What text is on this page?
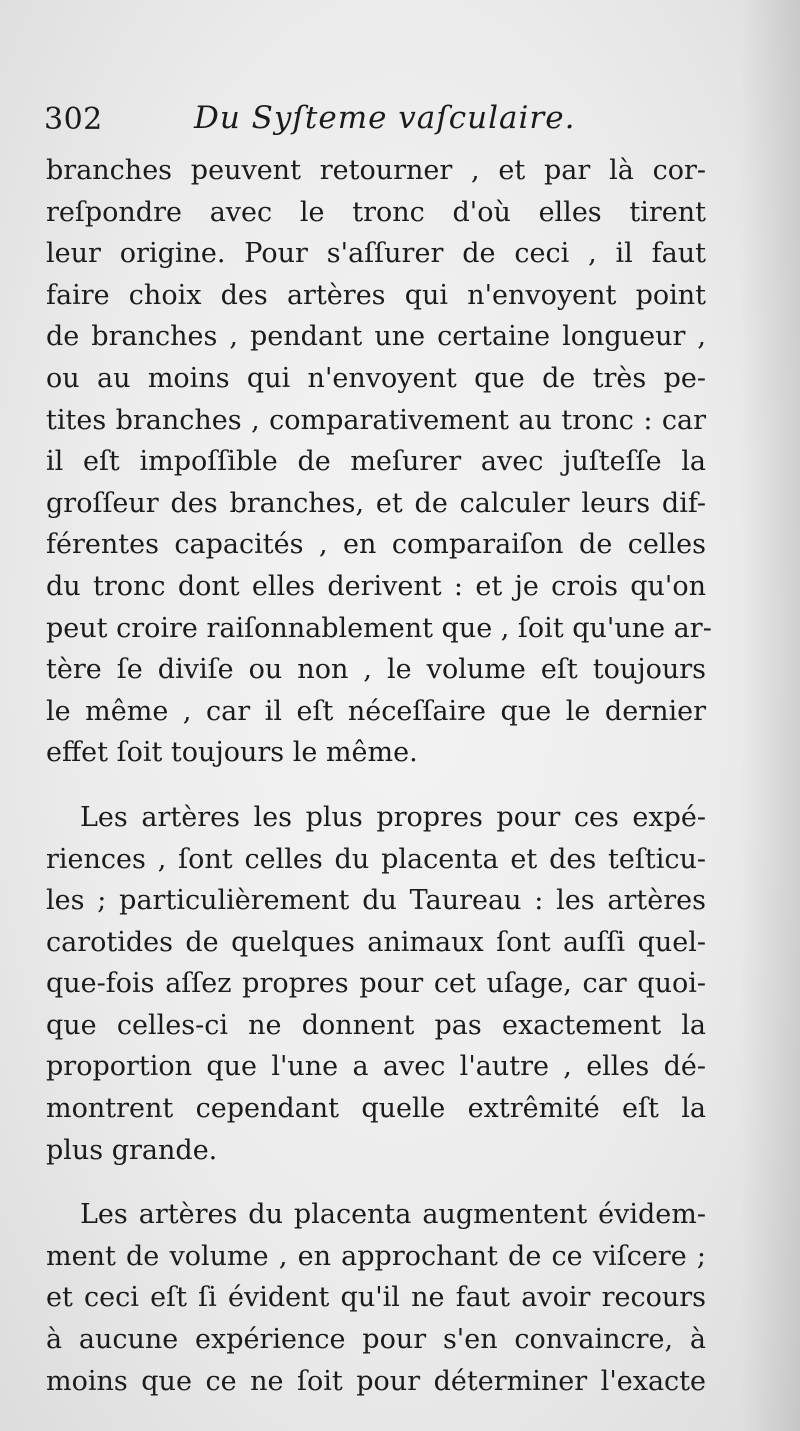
302	Du Syſteme vaſculaire.
branches peuvent retourner , et par là cor-
reſpondre avec le tronc d'où elles tirent
leur origine. Pour s'aſſurer de ceci , il faut
faire choix des artères qui n'envoyent point
de branches , pendant une certaine longueur ,
ou au moins qui n'envoyent que de très pe-
tites branches , comparativement au tronc : car
il eſt impoſſible de meſurer avec juſteſſe la
groſſeur des branches, et de calculer leurs dif-
férentes capacités , en comparaiſon de celles
du tronc dont elles derivent : et je crois qu'on
peut croire raiſonnablement que , ſoit qu'une ar-
tère ſe diviſe ou non , le volume eſt toujours
le même , car il eſt néceſſaire que le dernier
effet ſoit toujours le même.
Les artères les plus propres pour ces expé-
riences , ſont celles du placenta et des teſticu-
les ; particulièrement du Taureau : les artères
carotides de quelques animaux ſont auſſi quel-
que-fois aſſez propres pour cet uſage, car quoi-
que celles-ci ne donnent pas exactement la
proportion que l'une a avec l'autre , elles dé-
montrent cependant quelle extrêmité eſt la
plus grande.
Les artères du placenta augmentent évidem-
ment de volume , en approchant de ce viſcere ;
et ceci eſt ſi évident qu'il ne faut avoir recours
à aucune expérience pour s'en convaincre, à
moins que ce ne ſoit pour déterminer l'exacte
